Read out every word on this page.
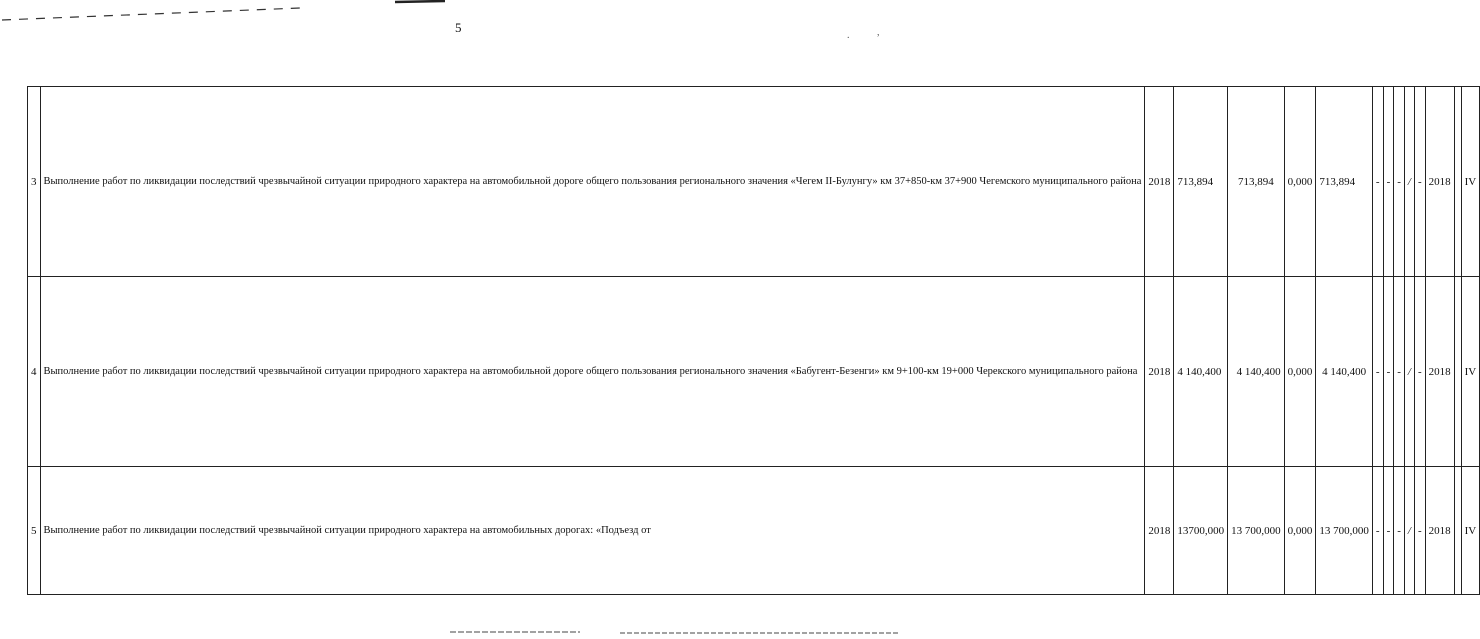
5
.	,
3	Выполнение работ по ликвидации последствий чрезвычайной ситуации природного характера на автомобильной дороге общего пользования регионального значения «Чегем II-Булунгу» км 37+850-км 37+900 Чегемского муниципального района	2018	713,894	713,894	0,000	713,894	-	-	-	/	-	2018		IV
4	Выполнение работ по ликвидации последствий чрезвычайной ситуации природного характера на автомобильной дороге общего пользования регионального значения «Бабугент-Безенги» км 9+100-км 19+000 Черекского муниципального района	2018	4 140,400	4 140,400	0,000	4 140,400	-	-	-	/	-	2018		IV
5	Выполнение работ по ликвидации последствий чрезвычайной ситуации природного характера на автомобильных дорогах: «Подъезд от	2018	13700,000	13 700,000	0,000	13 700,000	-	-	-	/	-	2018		IV
